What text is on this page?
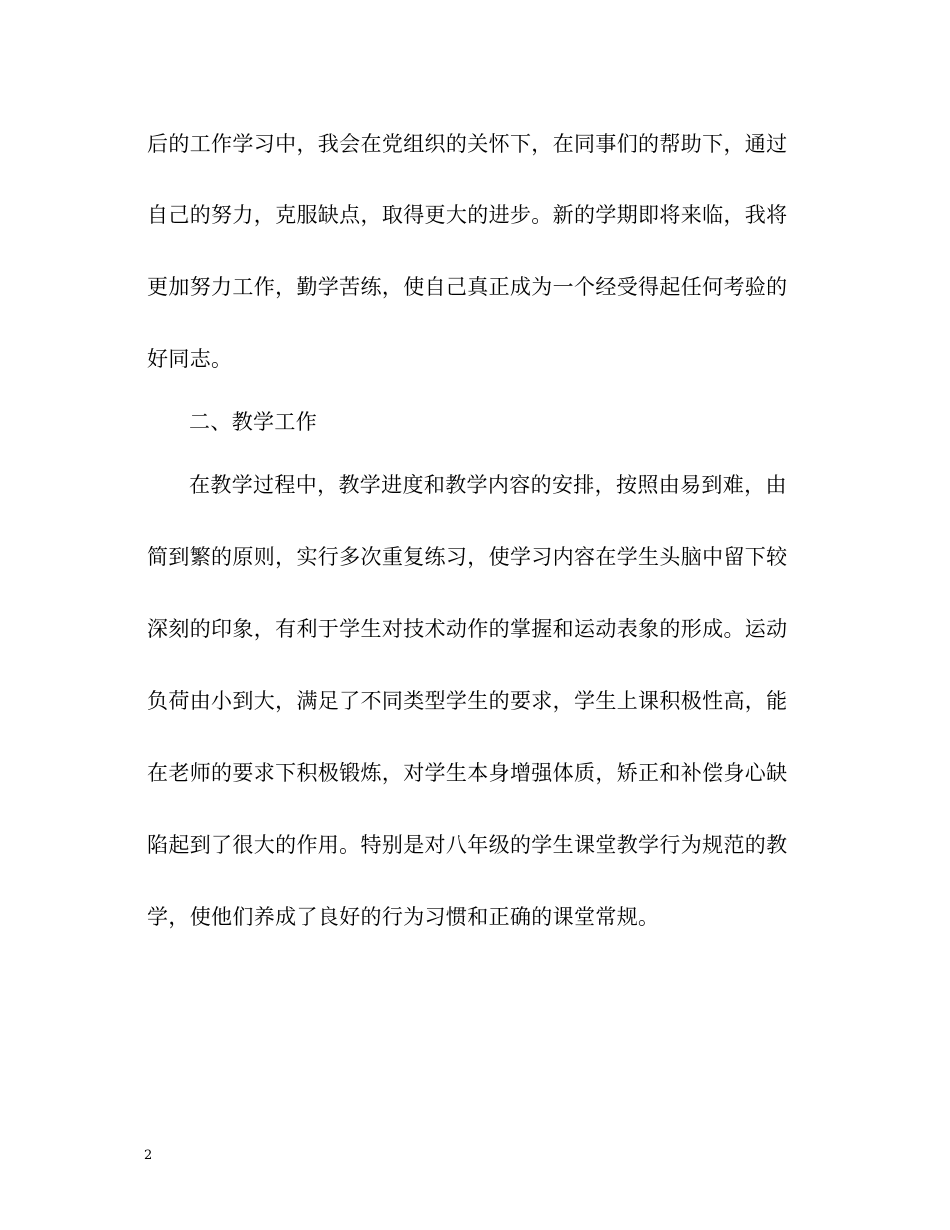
后的工作学习中，我会在党组织的关怀下，在同事们的帮助下，通过
自己的努力，克服缺点，取得更大的进步。新的学期即将来临，我将
更加努力工作，勤学苦练，使自己真正成为一个经受得起任何考验的
好同志。
二、教学工作
在教学过程中，教学进度和教学内容的安排，按照由易到难，由
简到繁的原则，实行多次重复练习，使学习内容在学生头脑中留下较
深刻的印象，有利于学生对技术动作的掌握和运动表象的形成。运动
负荷由小到大，满足了不同类型学生的要求，学生上课积极性高，能
在老师的要求下积极锻炼，对学生本身增强体质，矫正和补偿身心缺
陷起到了很大的作用。特别是对八年级的学生课堂教学行为规范的教
学，使他们养成了良好的行为习惯和正确的课堂常规。
2
